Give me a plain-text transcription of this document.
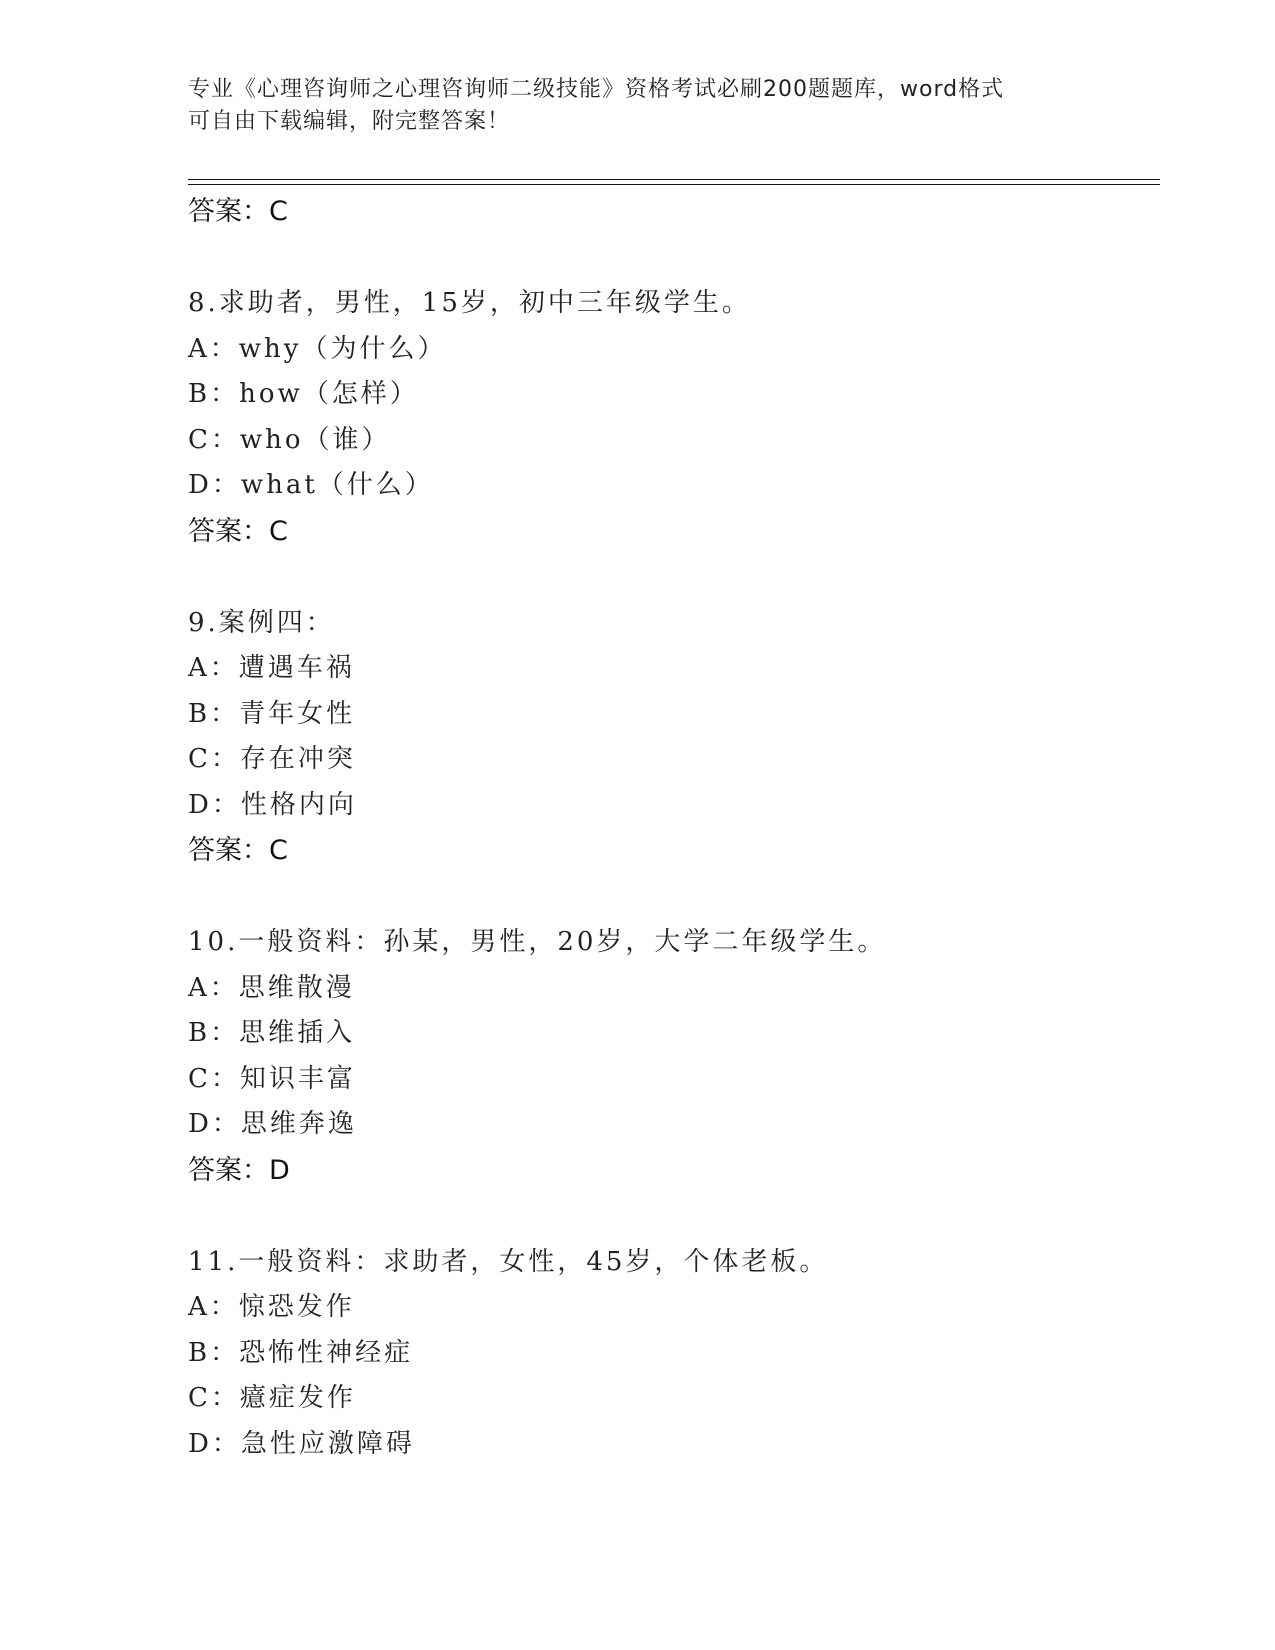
专业《心理咨询师之心理咨询师二级技能》资格考试必刷200题题库，word格式
可自由下载编辑，附完整答案！
答案：C
8.求助者，男性，15岁，初中三年级学生。
A：why（为什么）
B：how（怎样）
C：who（谁）
D：what（什么）
答案：C
9.案例四：
A：遭遇车祸
B：青年女性
C：存在冲突
D：性格内向
答案：C
10.一般资料：孙某，男性，20岁，大学二年级学生。
A：思维散漫
B：思维插入
C：知识丰富
D：思维奔逸
答案：D
11.一般资料：求助者，女性，45岁，个体老板。
A：惊恐发作
B：恐怖性神经症
C：癔症发作
D：急性应激障碍
